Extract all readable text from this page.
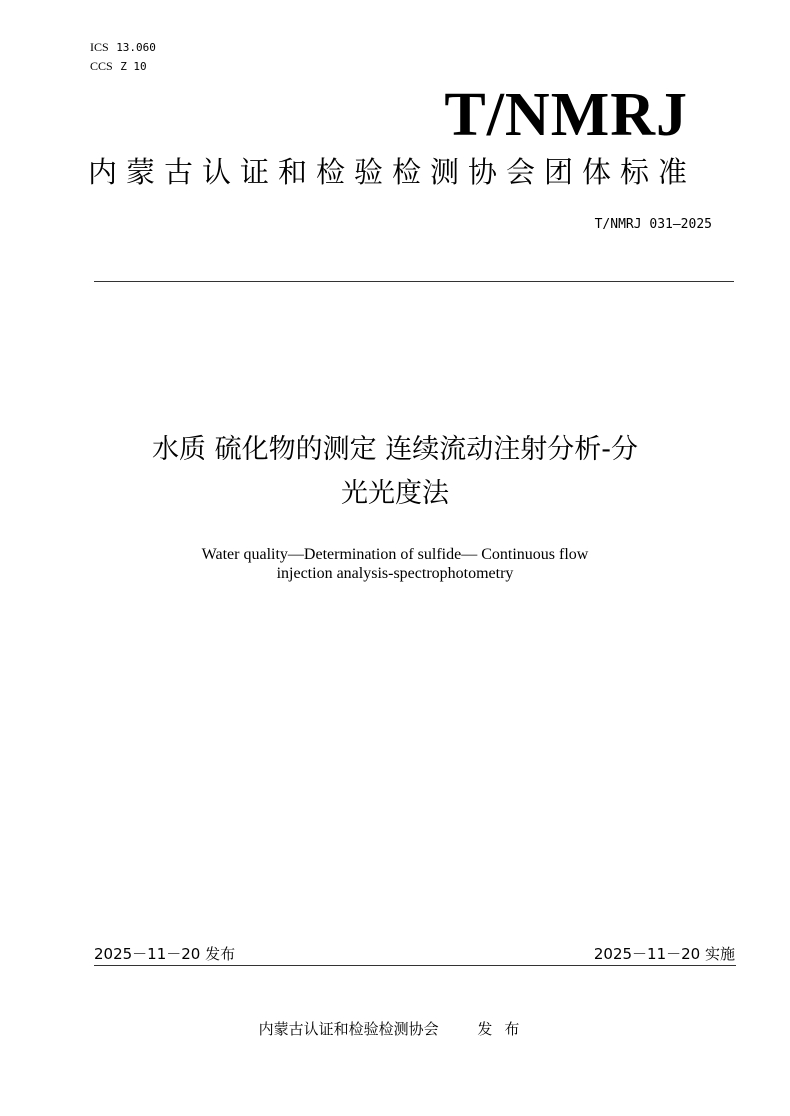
ICS 13.060
CCS Z 10
T/NMRJ
内蒙古认证和检验检测协会团体标准
T/NMRJ 031—2025
水质 硫化物的测定 连续流动注射分析-分
光光度法
Water quality—Determination of sulfide— Continuous flow
injection analysis-spectrophotometry
2025－11－20 发布	2025－11－20 实施
内蒙古认证和检验检测协会	发布
